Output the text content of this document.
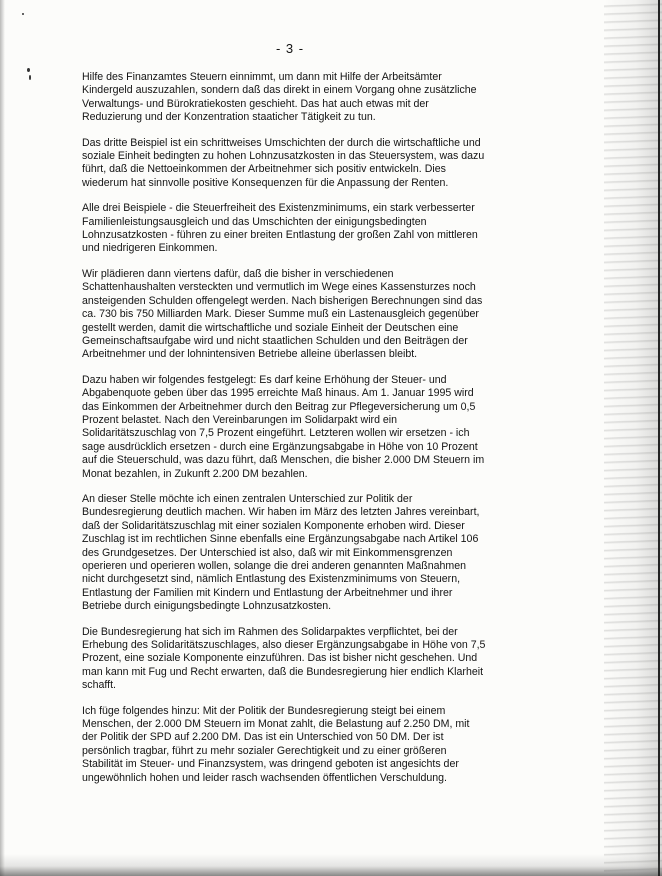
- 3 -

Hilfe des Finanzamtes Steuern einnimmt, um dann mit Hilfe der Arbeitsämter
Kindergeld auszuzahlen, sondern daß das direkt in einem Vorgang ohne zusätzliche
Verwaltungs- und Bürokratiekosten geschieht. Das hat auch etwas mit der
Reduzierung und der Konzentration staaticher Tätigkeit zu tun.

Das dritte Beispiel ist ein schrittweises Umschichten der durch die wirtschaftliche und
soziale Einheit bedingten zu hohen Lohnzusatzkosten in das Steuersystem, was dazu
führt, daß die Nettoeinkommen der Arbeitnehmer sich positiv entwickeln. Dies
wiederum hat sinnvolle positive Konsequenzen für die Anpassung der Renten.

Alle drei Beispiele - die Steuerfreiheit des Existenzminimums, ein stark verbesserter
Familienleistungsausgleich und das Umschichten der einigungsbedingten
Lohnzusatzkosten - führen zu einer breiten Entlastung der großen Zahl von mittleren
und niedrigeren Einkommen.

Wir plädieren dann viertens dafür, daß die bisher in verschiedenen
Schattenhaushalten versteckten und vermutlich im Wege eines Kassensturzes noch
ansteigenden Schulden offengelegt werden. Nach bisherigen Berechnungen sind das
ca. 730 bis 750 Milliarden Mark. Dieser Summe muß ein Lastenausgleich gegenüber
gestellt werden, damit die wirtschaftliche und soziale Einheit der Deutschen eine
Gemeinschaftsaufgabe wird und nicht staatlichen Schulden und den Beiträgen der
Arbeitnehmer und der lohnintensiven Betriebe alleine überlassen bleibt.

Dazu haben wir folgendes festgelegt: Es darf keine Erhöhung der Steuer- und
Abgabenquote geben über das 1995 erreichte Maß hinaus. Am 1. Januar 1995 wird
das Einkommen der Arbeitnehmer durch den Beitrag zur Pflegeversicherung um 0,5
Prozent belastet. Nach den Vereinbarungen im Solidarpakt wird ein
Solidaritätszuschlag von 7,5 Prozent eingeführt. Letzteren wollen wir ersetzen - ich
sage ausdrücklich ersetzen - durch eine Ergänzungsabgabe in Höhe von 10 Prozent
auf die Steuerschuld, was dazu führt, daß Menschen, die bisher 2.000 DM Steuern im
Monat bezahlen, in Zukunft 2.200 DM bezahlen.

An dieser Stelle möchte ich einen zentralen Unterschied zur Politik der
Bundesregierung deutlich machen. Wir haben im März des letzten Jahres vereinbart,
daß der Solidaritätszuschlag mit einer sozialen Komponente erhoben wird. Dieser
Zuschlag ist im rechtlichen Sinne ebenfalls eine Ergänzungsabgabe nach Artikel 106
des Grundgesetzes. Der Unterschied ist also, daß wir mit Einkommensgrenzen
operieren und operieren wollen, solange die drei anderen genannten Maßnahmen
nicht durchgesetzt sind, nämlich Entlastung des Existenzminimums von Steuern,
Entlastung der Familien mit Kindern und Entlastung der Arbeitnehmer und ihrer
Betriebe durch einigungsbedingte Lohnzusatzkosten.

Die Bundesregierung hat sich im Rahmen des Solidarpaktes verpflichtet, bei der
Erhebung des Solidaritätszuschlages, also dieser Ergänzungsabgabe in Höhe von 7,5
Prozent, eine soziale Komponente einzuführen. Das ist bisher nicht geschehen. Und
man kann mit Fug und Recht erwarten, daß die Bundesregierung hier endlich Klarheit
schafft.

Ich füge folgendes hinzu: Mit der Politik der Bundesregierung steigt bei einem
Menschen, der 2.000 DM Steuern im Monat zahlt, die Belastung auf 2.250 DM, mit
der Politik der SPD auf 2.200 DM. Das ist ein Unterschied von 50 DM. Der ist
persönlich tragbar, führt zu mehr sozialer Gerechtigkeit und zu einer größeren
Stabilität im Steuer- und Finanzsystem, was dringend geboten ist angesichts der
ungewöhnlich hohen und leider rasch wachsenden öffentlichen Verschuldung.
